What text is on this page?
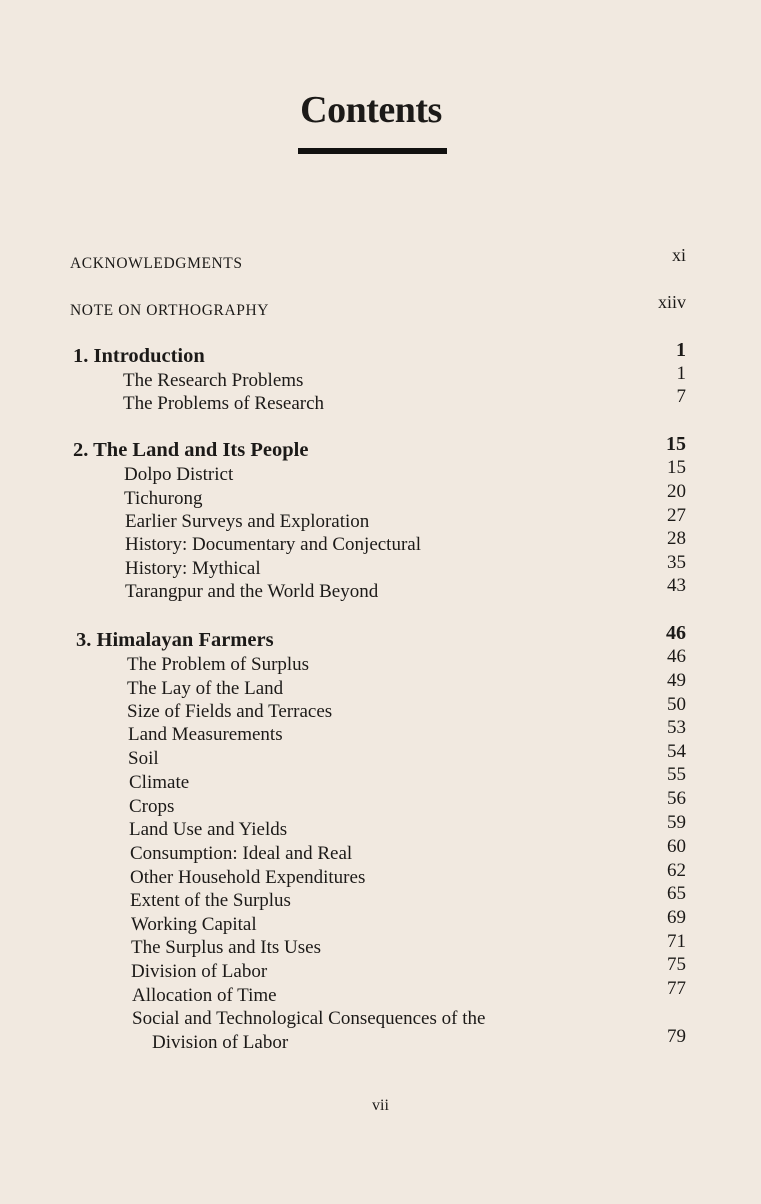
Contents
ACKNOWLEDGMENTS	xi
NOTE ON ORTHOGRAPHY	xiiv
1. Introduction	1
The Research Problems	1
The Problems of Research	7
2. The Land and Its People	15
Dolpo District	15
Tichurong	20
Earlier Surveys and Exploration	27
History: Documentary and Conjectural	28
History: Mythical	35
Tarangpur and the World Beyond	43
3. Himalayan Farmers	46
The Problem of Surplus	46
The Lay of the Land	49
Size of Fields and Terraces	50
Land Measurements	53
Soil	54
Climate	55
Crops	56
Land Use and Yields	59
Consumption: Ideal and Real	60
Other Household Expenditures	62
Extent of the Surplus	65
Working Capital	69
The Surplus and Its Uses	71
Division of Labor	75
Allocation of Time	77
Social and Technological Consequences of the
Division of Labor	79
vii
